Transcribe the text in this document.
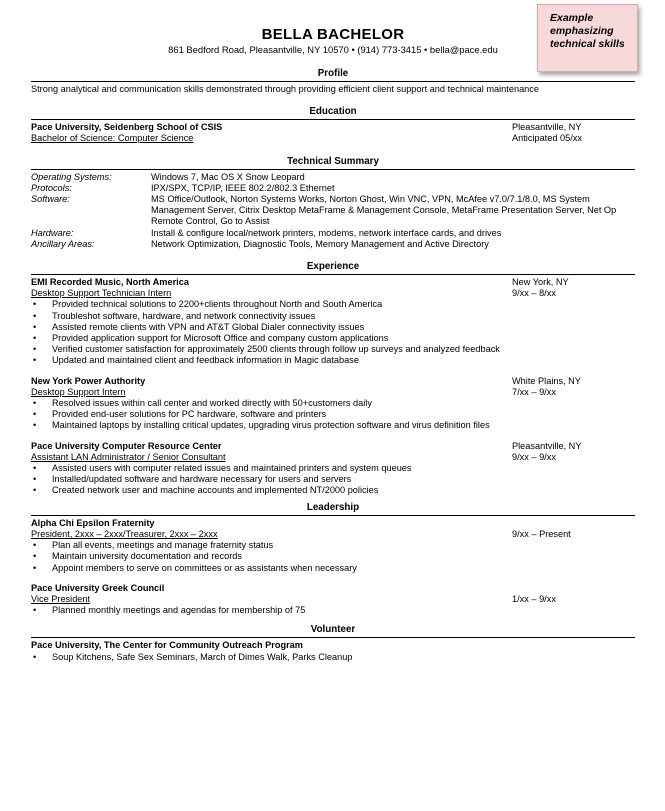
Example
emphasizing
technical skills
BELLA BACHELOR
861 Bedford Road, Pleasantville, NY 10570 • (914) 773-3415 • bella@pace.edu
Profile
Strong analytical and communication skills demonstrated through providing efficient client support and technical maintenance
Education
Pace University, Seidenberg School of CSIS	Pleasantville, NY
Bachelor of Science: Computer Science	Anticipated 05/xx
Technical Summary
Operating Systems:	Windows 7, Mac OS X Snow Leopard
Protocols:	IPX/SPX, TCP/IP, IEEE 802.2/802.3 Ethernet
Software:	MS Office/Outlook, Norton Systems Works, Norton Ghost, Win VNC, VPN, McAfee v7.0/7.1/8.0, MS System Management Server, Citrix Desktop MetaFrame & Management Console, MetaFrame Presentation Server, Net Op Remote Control, Go to Assist
Hardware:	Install & configure local/network printers, modems, network interface cards, and drives
Ancillary Areas:	Network Optimization, Diagnostic Tools, Memory Management and Active Directory
Experience
EMI Recorded Music, North America	New York, NY
Desktop Support Technician Intern	9/xx – 8/xx
• Provided technical solutions to 2200+clients throughout North and South America
• Troubleshot software, hardware, and network connectivity issues
• Assisted remote clients with VPN and AT&T Global Dialer connectivity issues
• Provided application support for Microsoft Office and company custom applications
• Verified customer satisfaction for approximately 2500 clients through follow up surveys and analyzed feedback
• Updated and maintained client and feedback information in Magic database
New York Power Authority	White Plains, NY
Desktop Support Intern	7/xx – 9/xx
• Resolved issues within call center and worked directly with 50+customers daily
• Provided end-user solutions for PC hardware, software and printers
• Maintained laptops by installing critical updates, upgrading virus protection software and virus definition files
Pace University Computer Resource Center	Pleasantville, NY
Assistant LAN Administrator / Senior Consultant	9/xx – 9/xx
• Assisted users with computer related issues and maintained printers and system queues
• Installed/updated software and hardware necessary for users and servers
• Created network user and machine accounts and implemented NT/2000 policies
Leadership
Alpha Chi Epsilon Fraternity
President, 2xxx – 2xxx/Treasurer, 2xxx – 2xxx	9/xx – Present
• Plan all events, meetings and manage fraternity status
• Maintain university documentation and records
• Appoint members to serve on committees or as assistants when necessary
Pace University Greek Council
Vice President	1/xx – 9/xx
• Planned monthly meetings and agendas for membership of 75
Volunteer
Pace University, The Center for Community Outreach Program
• Soup Kitchens, Safe Sex Seminars, March of Dimes Walk, Parks Cleanup
